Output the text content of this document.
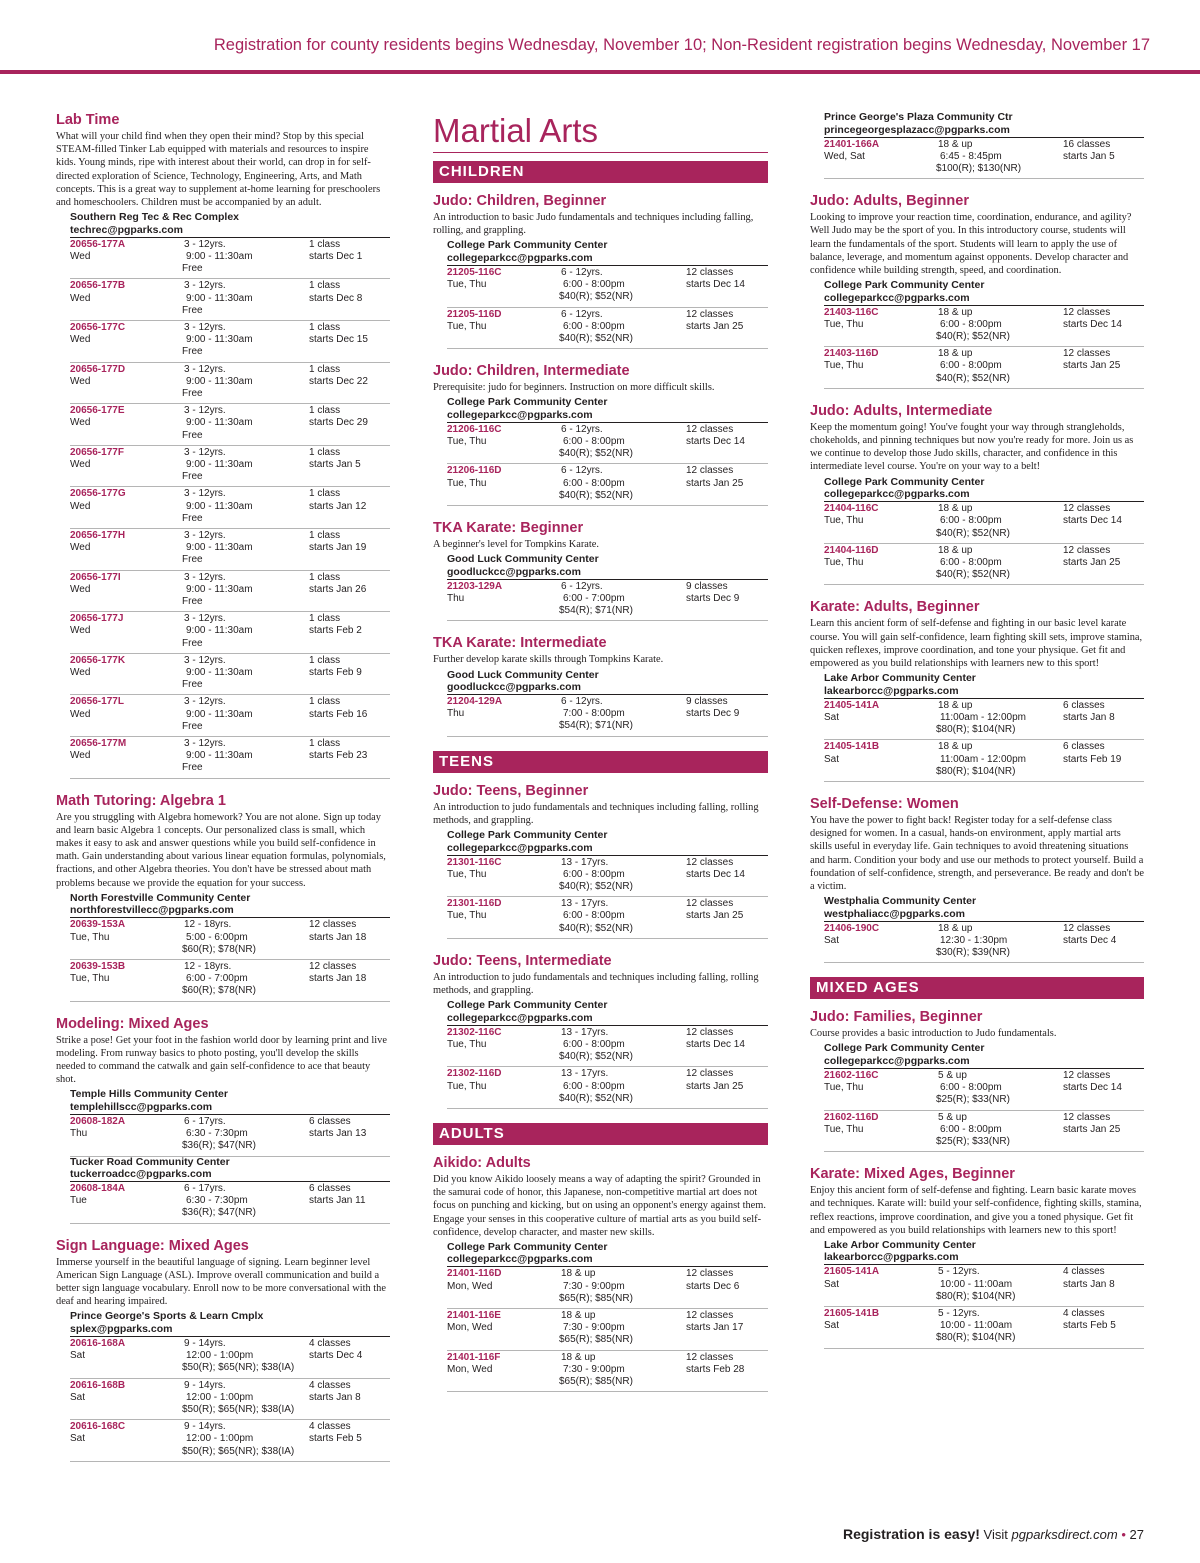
Registration for county residents begins Wednesday, November 10; Non-Resident registration begins Wednesday, November 17
Lab Time
What will your child find when they open their mind? Stop by this special STEAM-filled Tinker Lab equipped with materials and resources to inspire kids. Young minds, ripe with interest about their world, can drop in for self-directed exploration of Science, Technology, Engineering, Arts, and Math concepts. This is a great way to supplement at-home learning for preschoolers and homeschoolers. Children must be accompanied by an adult.
Southern Reg Tec & Rec Complex
techrec@pgparks.com
20656-177A
Wed
3 - 12yrs.
9:00 - 11:30am
Free
1 class
starts Dec 1
20656-177B
Wed
3 - 12yrs.
9:00 - 11:30am
Free
1 class
starts Dec 8
20656-177C
Wed
3 - 12yrs.
9:00 - 11:30am
Free
1 class
starts Dec 15
20656-177D
Wed
3 - 12yrs.
9:00 - 11:30am
Free
1 class
starts Dec 22
20656-177E
Wed
3 - 12yrs.
9:00 - 11:30am
Free
1 class
starts Dec 29
20656-177F
Wed
3 - 12yrs.
9:00 - 11:30am
Free
1 class
starts Jan 5
20656-177G
Wed
3 - 12yrs.
9:00 - 11:30am
Free
1 class
starts Jan 12
20656-177H
Wed
3 - 12yrs.
9:00 - 11:30am
Free
1 class
starts Jan 19
20656-177I
Wed
3 - 12yrs.
9:00 - 11:30am
Free
1 class
starts Jan 26
20656-177J
Wed
3 - 12yrs.
9:00 - 11:30am
Free
1 class
starts Feb 2
20656-177K
Wed
3 - 12yrs.
9:00 - 11:30am
Free
1 class
starts Feb 9
20656-177L
Wed
3 - 12yrs.
9:00 - 11:30am
Free
1 class
starts Feb 16
20656-177M
Wed
3 - 12yrs.
9:00 - 11:30am
Free
1 class
starts Feb 23
Math Tutoring: Algebra 1
Are you struggling with Algebra homework? You are not alone. Sign up today and learn basic Algebra 1 concepts. Our personalized class is small, which makes it easy to ask and answer questions while you build self-confidence in math. Gain understanding about various linear equation formulas, polynomials, fractions, and other Algebra theories. You don't have be stressed about math problems because we provide the equation for your success.
North Forestville Community Center
northforestvillecc@pgparks.com
20639-153A
Tue, Thu
12 - 18yrs.
5:00 - 6:00pm
$60(R); $78(NR)
12 classes
starts Jan 18
20639-153B
Tue, Thu
12 - 18yrs.
6:00 - 7:00pm
$60(R); $78(NR)
12 classes
starts Jan 18
Modeling: Mixed Ages
Strike a pose! Get your foot in the fashion world door by learning print and live modeling. From runway basics to photo posting, you'll develop the skills needed to command the catwalk and gain self-confidence to ace that beauty shot.
Temple Hills Community Center
templehillscc@pgparks.com
20608-182A
Thu
6 - 17yrs.
6:30 - 7:30pm
$36(R); $47(NR)
6 classes
starts Jan 13
Tucker Road Community Center
tuckerroadcc@pgparks.com
20608-184A
Tue
6 - 17yrs.
6:30 - 7:30pm
$36(R); $47(NR)
6 classes
starts Jan 11
Sign Language: Mixed Ages
Immerse yourself in the beautiful language of signing. Learn beginner level American Sign Language (ASL). Improve overall communication and build a better sign language vocabulary. Enroll now to be more conversational with the deaf and hearing impaired.
Prince George's Sports & Learn Cmplx
splex@pgparks.com
20616-168A
Sat
9 - 14yrs.
12:00 - 1:00pm
$50(R); $65(NR); $38(IA)
4 classes
starts Dec 4
20616-168B
Sat
9 - 14yrs.
12:00 - 1:00pm
$50(R); $65(NR); $38(IA)
4 classes
starts Jan 8
20616-168C
Sat
9 - 14yrs.
12:00 - 1:00pm
$50(R); $65(NR); $38(IA)
4 classes
starts Feb 5
Martial Arts
CHILDREN
Judo: Children, Beginner
An introduction to basic Judo fundamentals and techniques including falling, rolling, and grappling.
College Park Community Center
collegeparkcc@pgparks.com
21205-116C
Tue, Thu
6 - 12yrs.
6:00 - 8:00pm
$40(R); $52(NR)
12 classes
starts Dec 14
21205-116D
Tue, Thu
6 - 12yrs.
6:00 - 8:00pm
$40(R); $52(NR)
12 classes
starts Jan 25
Judo: Children, Intermediate
Prerequisite: judo for beginners. Instruction on more difficult skills.
College Park Community Center
collegeparkcc@pgparks.com
21206-116C
Tue, Thu
6 - 12yrs.
6:00 - 8:00pm
$40(R); $52(NR)
12 classes
starts Dec 14
21206-116D
Tue, Thu
6 - 12yrs.
6:00 - 8:00pm
$40(R); $52(NR)
12 classes
starts Jan 25
TKA Karate: Beginner
A beginner's level for Tompkins Karate.
Good Luck Community Center
goodluckcc@pgparks.com
21203-129A
Thu
6 - 12yrs.
6:00 - 7:00pm
$54(R); $71(NR)
9 classes
starts Dec 9
TKA Karate: Intermediate
Further develop karate skills through Tompkins Karate.
Good Luck Community Center
goodluckcc@pgparks.com
21204-129A
Thu
6 - 12yrs.
7:00 - 8:00pm
$54(R); $71(NR)
9 classes
starts Dec 9
TEENS
Judo: Teens, Beginner
An introduction to judo fundamentals and techniques including falling, rolling methods, and grappling.
College Park Community Center
collegeparkcc@pgparks.com
21301-116C
Tue, Thu
13 - 17yrs.
6:00 - 8:00pm
$40(R); $52(NR)
12 classes
starts Dec 14
21301-116D
Tue, Thu
13 - 17yrs.
6:00 - 8:00pm
$40(R); $52(NR)
12 classes
starts Jan 25
Judo: Teens, Intermediate
An introduction to judo fundamentals and techniques including falling, rolling methods, and grappling.
College Park Community Center
collegeparkcc@pgparks.com
21302-116C
Tue, Thu
13 - 17yrs.
6:00 - 8:00pm
$40(R); $52(NR)
12 classes
starts Dec 14
21302-116D
Tue, Thu
13 - 17yrs.
6:00 - 8:00pm
$40(R); $52(NR)
12 classes
starts Jan 25
ADULTS
Aikido: Adults
Did you know Aikido loosely means a way of adapting the spirit? Grounded in the samurai code of honor, this Japanese, non-competitive martial art does not focus on punching and kicking, but on using an opponent's energy against them. Engage your senses in this cooperative culture of martial arts as you build self-confidence, develop character, and master new skills.
College Park Community Center
collegeparkcc@pgparks.com
21401-116D
Mon, Wed
18 & up
7:30 - 9:00pm
$65(R); $85(NR)
12 classes
starts Dec 6
21401-116E
Mon, Wed
18 & up
7:30 - 9:00pm
$65(R); $85(NR)
12 classes
starts Jan 17
21401-116F
Mon, Wed
18 & up
7:30 - 9:00pm
$65(R); $85(NR)
12 classes
starts Feb 28
Prince George's Plaza Community Ctr
princegeorgesplazacc@pgparks.com
21401-166A
Wed, Sat
18 & up
6:45 - 8:45pm
$100(R); $130(NR)
16 classes
starts Jan 5
Judo: Adults, Beginner
Looking to improve your reaction time, coordination, endurance, and agility? Well Judo may be the sport of you. In this introductory course, students will learn the fundamentals of the sport. Students will learn to apply the use of balance, leverage, and momentum against opponents. Develop character and confidence while building strength, speed, and coordination.
College Park Community Center
collegeparkcc@pgparks.com
21403-116C
Tue, Thu
18 & up
6:00 - 8:00pm
$40(R); $52(NR)
12 classes
starts Dec 14
21403-116D
Tue, Thu
18 & up
6:00 - 8:00pm
$40(R); $52(NR)
12 classes
starts Jan 25
Judo: Adults, Intermediate
Keep the momentum going! You've fought your way through strangleholds, chokeholds, and pinning techniques but now you're ready for more. Join us as we continue to develop those Judo skills, character, and confidence in this intermediate level course. You're on your way to a belt!
College Park Community Center
collegeparkcc@pgparks.com
21404-116C
Tue, Thu
18 & up
6:00 - 8:00pm
$40(R); $52(NR)
12 classes
starts Dec 14
21404-116D
Tue, Thu
18 & up
6:00 - 8:00pm
$40(R); $52(NR)
12 classes
starts Jan 25
Karate: Adults, Beginner
Learn this ancient form of self-defense and fighting in our basic level karate course. You will gain self-confidence, learn fighting skill sets, improve stamina, quicken reflexes, improve coordination, and tone your physique. Get fit and empowered as you build relationships with learners new to this sport!
Lake Arbor Community Center
lakearborcc@pgparks.com
21405-141A
Sat
18 & up
11:00am - 12:00pm
$80(R); $104(NR)
6 classes
starts Jan 8
21405-141B
Sat
18 & up
11:00am - 12:00pm
$80(R); $104(NR)
6 classes
starts Feb 19
Self-Defense: Women
You have the power to fight back! Register today for a self-defense class designed for women. In a casual, hands-on environment, apply martial arts skills useful in everyday life. Gain techniques to avoid threatening situations and harm. Condition your body and use our methods to protect yourself. Build a foundation of self-confidence, strength, and perseverance. Be ready and don't be a victim.
Westphalia Community Center
westphaliacc@pgparks.com
21406-190C
Sat
18 & up
12:30 - 1:30pm
$30(R); $39(NR)
12 classes
starts Dec 4
MIXED AGES
Judo: Families, Beginner
Course provides a basic introduction to Judo fundamentals.
College Park Community Center
collegeparkcc@pgparks.com
21602-116C
Tue, Thu
5 & up
6:00 - 8:00pm
$25(R); $33(NR)
12 classes
starts Dec 14
21602-116D
Tue, Thu
5 & up
6:00 - 8:00pm
$25(R); $33(NR)
12 classes
starts Jan 25
Karate: Mixed Ages, Beginner
Enjoy this ancient form of self-defense and fighting. Learn basic karate moves and techniques. Karate will: build your self-confidence, fighting skills, stamina, reflex reactions, improve coordination, and give you a toned physique. Get fit and empowered as you build relationships with learners new to this sport!
Lake Arbor Community Center
lakearborcc@pgparks.com
21605-141A
Sat
5 - 12yrs.
10:00 - 11:00am
$80(R); $104(NR)
4 classes
starts Jan 8
21605-141B
Sat
5 - 12yrs.
10:00 - 11:00am
$80(R); $104(NR)
4 classes
starts Feb 5
Registration is easy! Visit pgparksdirect.com • 27
